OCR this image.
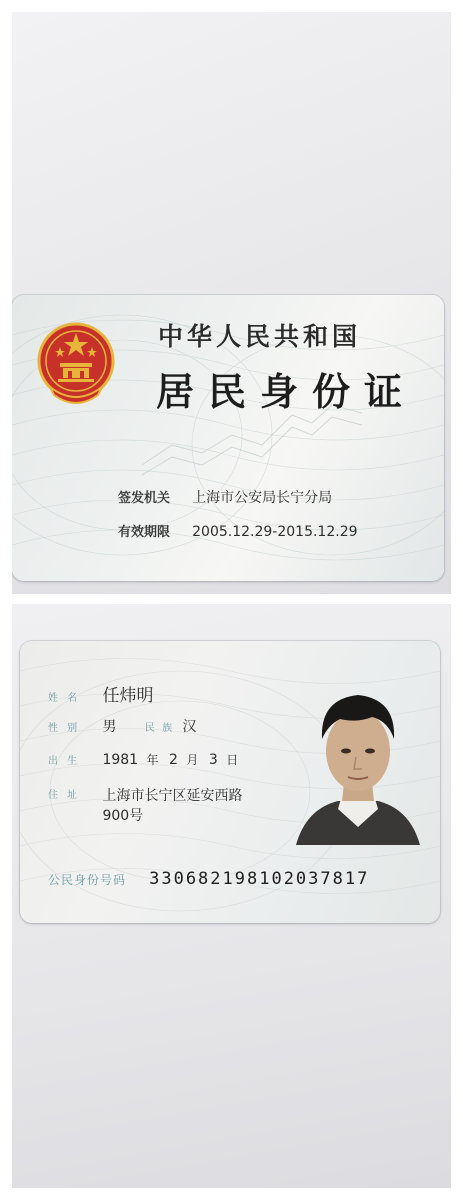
中华人民共和国
居民身份证
签发机关 上海市公安局长宁分局
有效期限 2005.12.29-2015.12.29
姓 名 任炜明
性 别 男	民 族 汉
出 生 1981 年 2 月 3 日
住 址 上海市长宁区延安西路
900号
公民身份号码 330682198102037817
